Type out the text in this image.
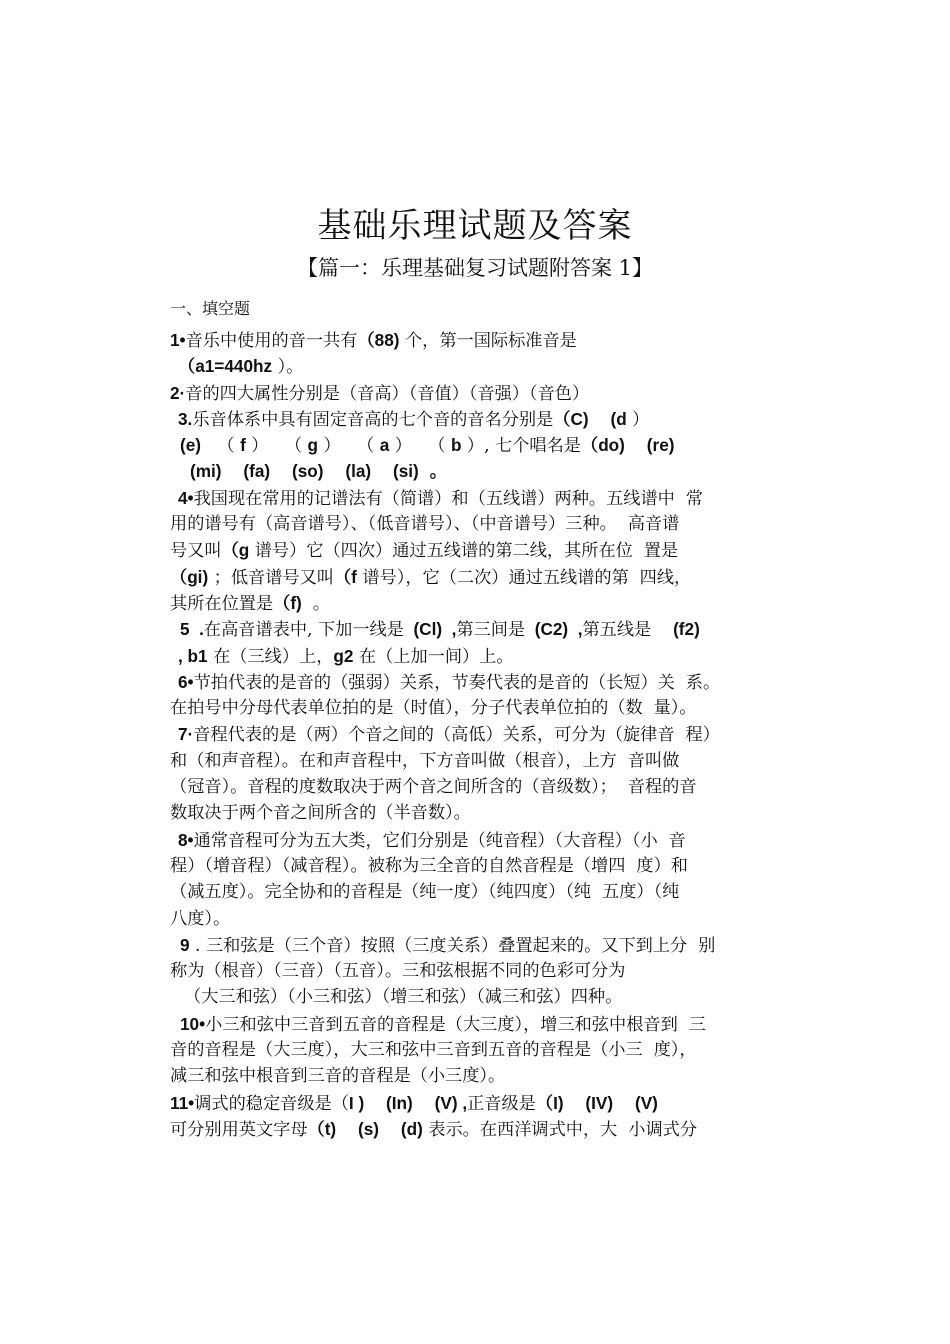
基础乐理试题及答案
【篇一：乐理基础复习试题附答案 1】
一、填空题
1•音乐中使用的音一共有（88) 个，第一国际标准音是
（a1=440hz ）。
2·音的四大属性分别是（音高）（音值）（音强）（音色）
3.乐音体系中具有固定音高的七个音的音名分别是（C) (d ）
(e)   （ f ）   （ g ）   （ a ）   （ b ）, 七个唱名是（do) (re)
(mi) (fa) (so) (la) (si) 。
4•我国现在常用的记谱法有（简谱）和（五线谱）两种。五线谱中  常
用的谱号有（高音谱号）、（低音谱号）、（中音谱号）三种。  高音谱
号又叫（g 谱号）它（四次）通过五线谱的第二线，其所在位  置是
（gi) ；低音谱号又叫（f 谱号），它（二次）通过五线谱的第  四线，
其所在位置是（f)  。
5  .在高音谱表中, 下加一线是  (Cl)  ,第三间是  (C2)  ,第五线是    (f2)
, b1 在（三线）上，g2 在（上加一间）上。
6•节拍代表的是音的（强弱）关系，节奏代表的是音的（长短）关  系。
在拍号中分母代表单位拍的是（时值），分子代表单位拍的（数  量）。
7·音程代表的是（两）个音之间的（高低）关系，可分为（旋律音  程）
和（和声音程）。在和声音程中，下方音叫做（根音），上方  音叫做
（冠音）。音程的度数取决于两个音之间所含的（音级数）；  音程的音
数取决于两个音之间所含的（半音数）。
8•通常音程可分为五大类，它们分别是（纯音程）（大音程）（小  音
程）（增音程）（减音程）。被称为三全音的自然音程是（增四  度）和
（减五度）。完全协和的音程是（纯一度）（纯四度）（纯  五度）（纯
八度）。
9 . 三和弦是（三个音）按照（三度关系）叠置起来的。又下到上分  别
称为（根音）（三音）（五音）。三和弦根据不同的色彩可分为
（大三和弦）（小三和弦）（增三和弦）（减三和弦）四种。
10•小三和弦中三音到五音的音程是（大三度），增三和弦中根音到  三
音的音程是（大三度），大三和弦中三音到五音的音程是（小三  度），
减三和弦中根音到三音的音程是（小三度）。
11•调式的稳定音级是（I ) (In) (V) ,正音级是（I) (IV) (V)
可分别用英文字母（t) (s) (d) 表示。在西洋调式中，大  小调式分
